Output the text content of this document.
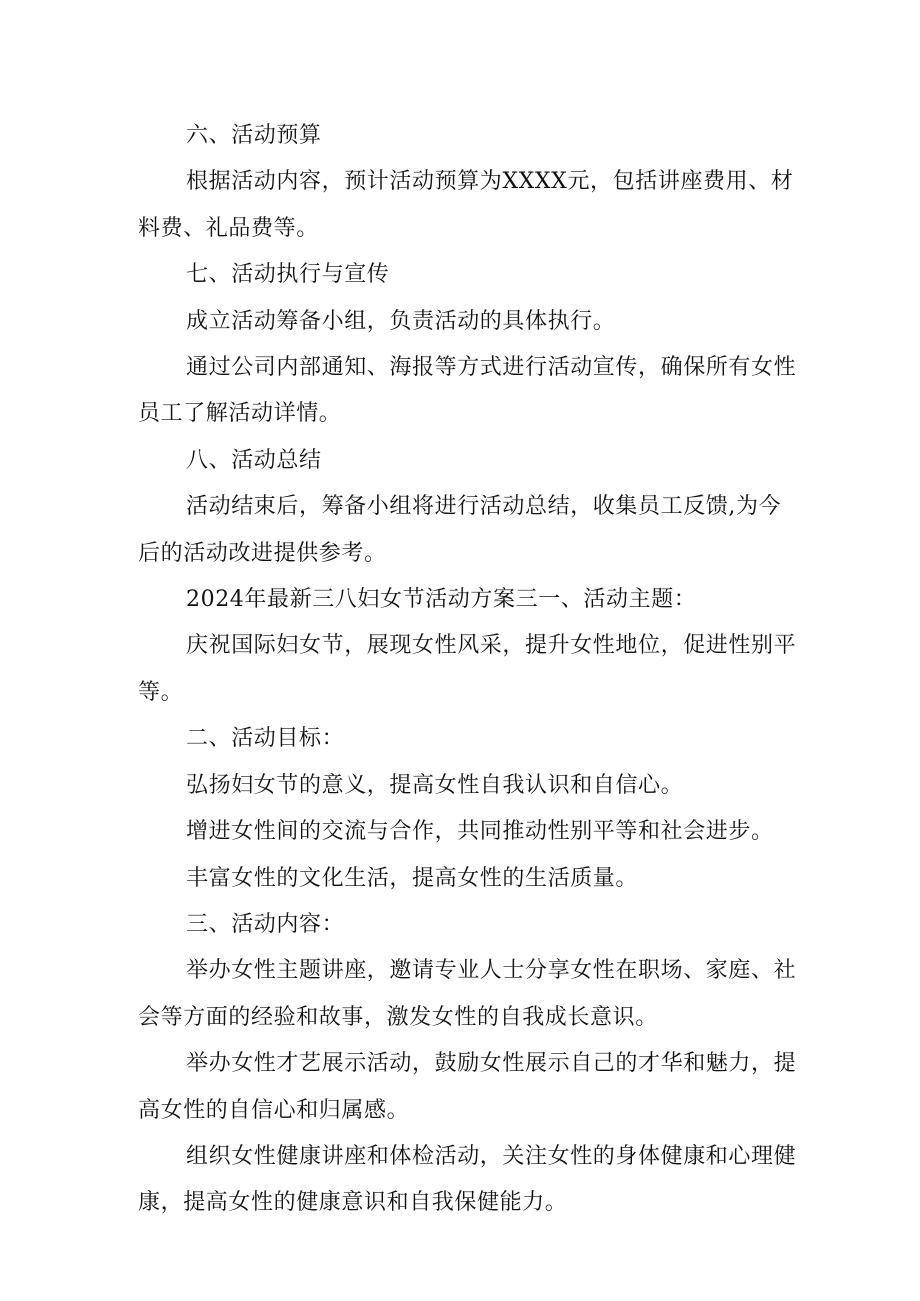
六、活动预算

根据活动内容，预计活动预算为XXXX元，包括讲座费用、材料费、礼品费等。

七、活动执行与宣传

成立活动筹备小组，负责活动的具体执行。

通过公司内部通知、海报等方式进行活动宣传，确保所有女性员工了解活动详情。

八、活动总结

活动结束后，筹备小组将进行活动总结，收集员工反馈,为今后的活动改进提供参考。

2024年最新三八妇女节活动方案三一、活动主题：

庆祝国际妇女节，展现女性风采，提升女性地位，促进性别平等。

二、活动目标：

弘扬妇女节的意义，提高女性自我认识和自信心。

增进女性间的交流与合作，共同推动性别平等和社会进步。

丰富女性的文化生活，提高女性的生活质量。

三、活动内容：

举办女性主题讲座，邀请专业人士分享女性在职场、家庭、社会等方面的经验和故事，激发女性的自我成长意识。

举办女性才艺展示活动，鼓励女性展示自己的才华和魅力，提高女性的自信心和归属感。

组织女性健康讲座和体检活动，关注女性的身体健康和心理健康，提高女性的健康意识和自我保健能力。
